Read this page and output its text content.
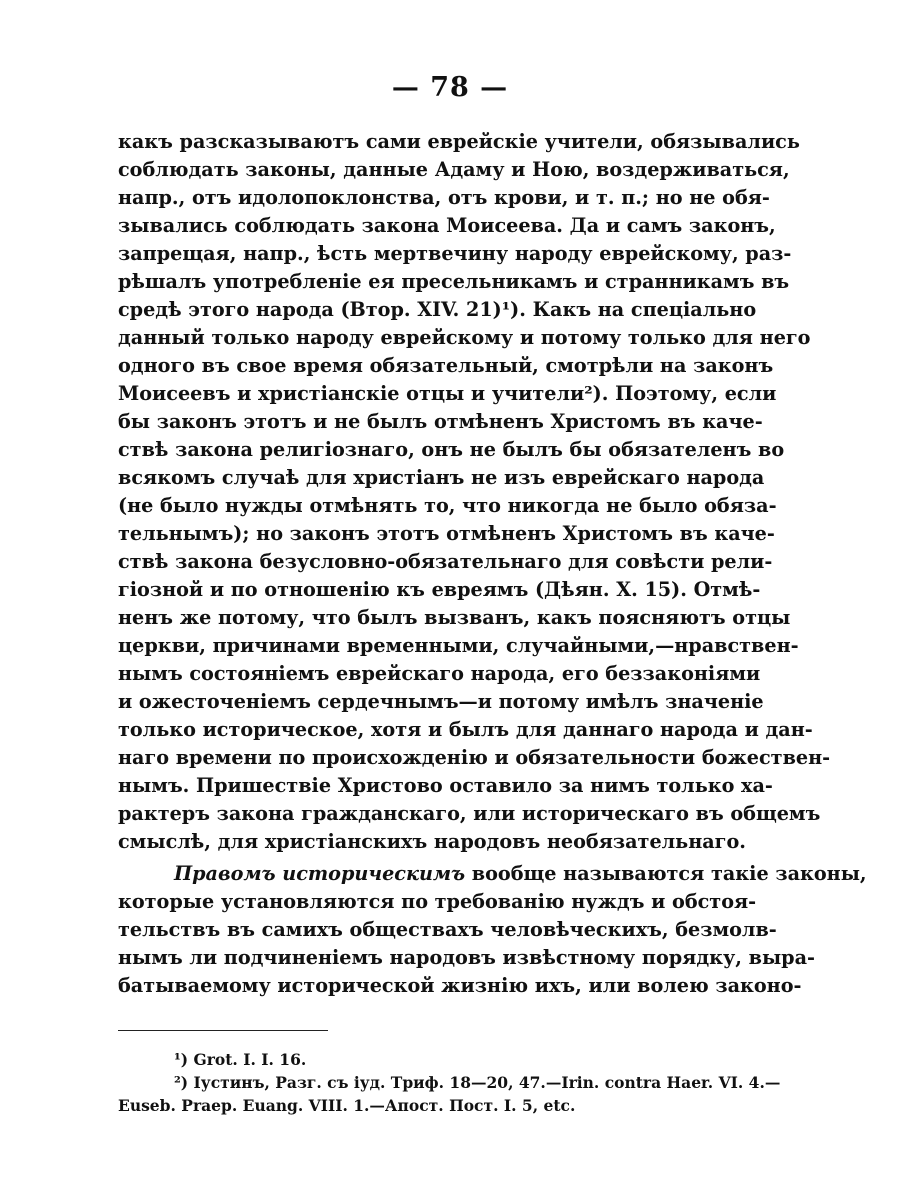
— 78 —
какъ разсказываютъ сами еврейскіе учители, обязывались
соблюдать законы, данные Адаму и Ною, воздерживаться,
напр., отъ идолопоклонства, отъ крови, и т. п.; но не обя-
зывались соблюдать закона Моисеева. Да и самъ законъ,
запрещая, напр., ѣсть мертвечину народу еврейскому, раз-
рѣшалъ употребленіе ея пресельникамъ и странникамъ въ
средѣ этого народа (Втор. XIV. 21)¹). Какъ на спеціально
данный только народу еврейскому и потому только для него
одного въ свое время обязательный, смотрѣли на законъ
Моисеевъ и христіанскіе отцы и учители²). Поэтому, если
бы законъ этотъ и не былъ отмѣненъ Христомъ въ каче-
ствѣ закона религіознаго, онъ не былъ бы обязателенъ во
всякомъ случаѣ для христіанъ не изъ еврейскаго народа
(не было нужды отмѣнять то, что никогда не было обяза-
тельнымъ); но законъ этотъ отмѣненъ Христомъ въ каче-
ствѣ закона безусловно-обязательнаго для совѣсти рели-
гіозной и по отношенію къ евреямъ (Дѣян. X. 15). Отмѣ-
ненъ же потому, что былъ вызванъ, какъ поясняютъ отцы
церкви, причинами временными, случайными,—нравствен-
нымъ состояніемъ еврейскаго народа, его беззаконіями
и ожесточеніемъ сердечнымъ—и потому имѣлъ значеніе
только историческое, хотя и былъ для даннаго народа и дан-
наго времени по происхожденію и обязательности божествен-
нымъ. Пришествіе Христово оставило за нимъ только ха-
рактеръ закона гражданскаго, или историческаго въ общемъ
смыслѣ, для христіанскихъ народовъ необязательнаго.
Правомъ историческимъ вообще называются такіе законы,
которые установляются по требованію нуждъ и обстоя-
тельствъ въ самихъ обществахъ человѣческихъ, безмолв-
нымъ ли подчиненіемъ народовъ извѣстному порядку, выра-
батываемому исторической жизнію ихъ, или волею законо-
¹) Grot. I. I. 16.
²) Іустинъ, Разг. съ іуд. Триф. 18—20, 47.—Irin. contra Haer. VI. 4.—
Euseb. Praep. Euang. VIII. 1.—Апост. Пост. I. 5, etc.
